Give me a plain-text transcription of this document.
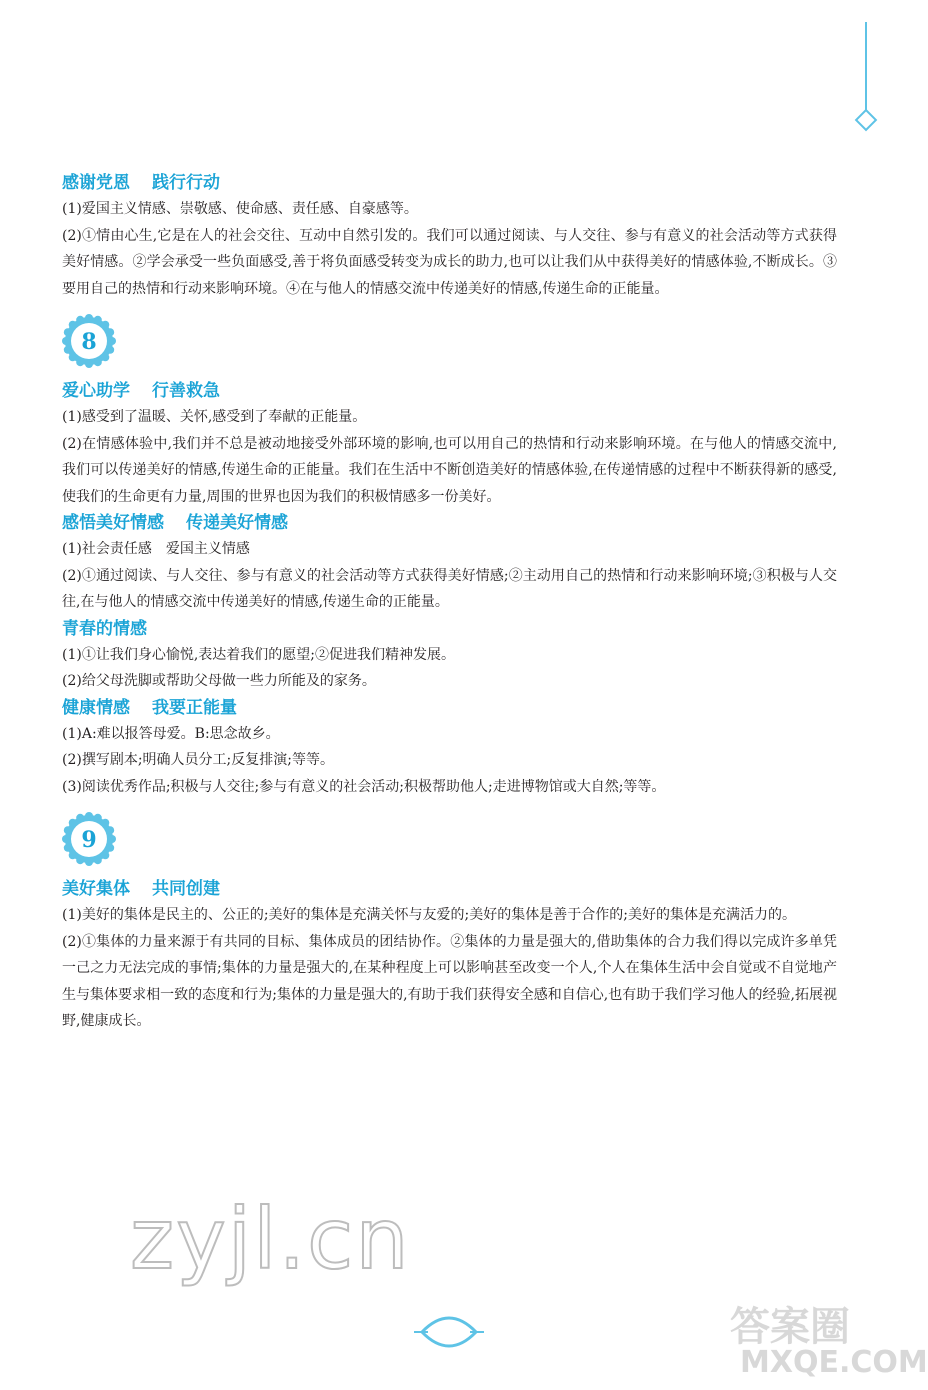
感谢党恩 践行行动

(1)爱国主义情感、崇敬感、使命感、责任感、自豪感等。

(2)①情由心生,它是在人的社会交往、互动中自然引发的。我们可以通过阅读、与人交往、参与有意义的社会活动等方式获得美好情感。②学会承受一些负面感受,善于将负面感受转变为成长的助力,也可以让我们从中获得美好的情感体验,不断成长。③要用自己的热情和行动来影响环境。④在与他人的情感交流中传递美好的情感,传递生命的正能量。

8

爱心助学 行善救急

(1)感受到了温暖、关怀,感受到了奉献的正能量。

(2)在情感体验中,我们并不总是被动地接受外部环境的影响,也可以用自己的热情和行动来影响环境。在与他人的情感交流中,我们可以传递美好的情感,传递生命的正能量。我们在生活中不断创造美好的情感体验,在传递情感的过程中不断获得新的感受,使我们的生命更有力量,周围的世界也因为我们的积极情感多一份美好。

感悟美好情感 传递美好情感

(1)社会责任感　爱国主义情感

(2)①通过阅读、与人交往、参与有意义的社会活动等方式获得美好情感;②主动用自己的热情和行动来影响环境;③积极与人交往,在与他人的情感交流中传递美好的情感,传递生命的正能量。

青春的情感

(1)①让我们身心愉悦,表达着我们的愿望;②促进我们精神发展。

(2)给父母洗脚或帮助父母做一些力所能及的家务。

健康情感 我要正能量

(1)A:难以报答母爱。B:思念故乡。

(2)撰写剧本;明确人员分工;反复排演;等等。

(3)阅读优秀作品;积极与人交往;参与有意义的社会活动;积极帮助他人;走进博物馆或大自然;等等。

9

美好集体 共同创建

(1)美好的集体是民主的、公正的;美好的集体是充满关怀与友爱的;美好的集体是善于合作的;美好的集体是充满活力的。

(2)①集体的力量来源于有共同的目标、集体成员的团结协作。②集体的力量是强大的,借助集体的合力我们得以完成许多单凭一己之力无法完成的事情;集体的力量是强大的,在某种程度上可以影响甚至改变一个人,个人在集体生活中会自觉或不自觉地产生与集体要求相一致的态度和行为;集体的力量是强大的,有助于我们获得安全感和自信心,也有助于我们学习他人的经验,拓展视野,健康成长。

zyjl.cn
答案圈
MXQE.COM
